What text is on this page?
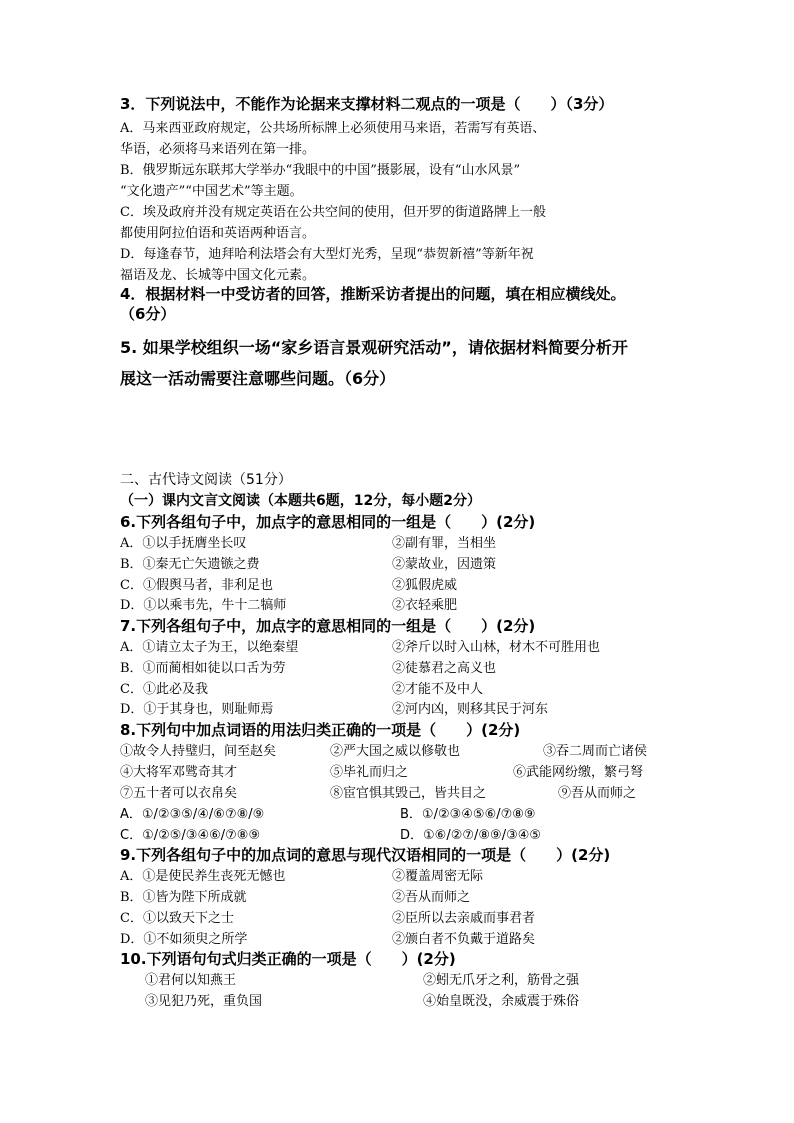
3．下列说法中，不能作为论据来支撑材料二观点的一项是（　　）（3分）
A．马来西亚政府规定，公共场所标牌上必须使用马来语，若需写有英语、
华语，必须将马来语列在第一排。
B．俄罗斯远东联邦大学举办“我眼中的中国”摄影展，设有“山水风景”
“文化遗产”“中国艺术”等主题。
C．埃及政府并没有规定英语在公共空间的使用，但开罗的街道路牌上一般
都使用阿拉伯语和英语两种语言。
D．每逢春节，迪拜哈利法塔会有大型灯光秀，呈现“恭贺新禧”等新年祝
福语及龙、长城等中国文化元素。
4．根据材料一中受访者的回答，推断采访者提出的问题，填在相应横线处。
（6分）
5. 如果学校组织一场“家乡语言景观研究活动”，请依据材料简要分析开
展这一活动需要注意哪些问题。（6分）
二、古代诗文阅读（51分）
（一）课内文言文阅读（本题共6题，12分，每小题2分）
6.下列各组句子中，加点字的意思相同的一组是（　　）(2分)
A．①以手抚膺坐长叹	②副有罪，当相坐
B．①秦无亡矢遗镞之费	②蒙故业，因遗策
C．①假舆马者，非利足也	②狐假虎威
D．①以乘韦先，牛十二犒师	②衣轻乘肥
7.下列各组句子中，加点字的意思相同的一组是（　　）(2分)
A．①请立太子为王，以绝秦望	②斧斤以时入山林，材木不可胜用也
B．①而蔺相如徒以口舌为劳	②徒慕君之高义也
C．①此必及我	②才能不及中人
D．①于其身也，则耻师焉	②河内凶，则移其民于河东
8.下列句中加点词语的用法归类正确的一项是（　　）(2分)
①故令人持璧归，间至赵矣	②严大国之威以修敬也	③吞二周而亡诸侯
④大将军邓骘奇其才	⑤毕礼而归之	⑥武能网纷缴，繁弓弩
⑦五十者可以衣帛矣	⑧宦官惧其毁己，皆共目之	⑨吾从而师之
A．①/②③⑤/④/⑥⑦⑧/⑨	B．①/②③④⑤⑥/⑦⑧⑨
C．①/②⑤/③④⑥/⑦⑧⑨	D．①⑥/②⑦/⑧⑨/③④⑤
9.下列各组句子中的加点词的意思与现代汉语相同的一项是（　　）(2分)
A．①是使民养生丧死无憾也	②覆盖周密无际
B．①皆为陛下所成就	②吾从而师之
C．①以致天下之士	②臣所以去亲戚而事君者
D．①不如须臾之所学	②颁白者不负戴于道路矣
10.下列语句句式归类正确的一项是（　　）(2分)
①君何以知燕王	②蚓无爪牙之利，筋骨之强
③见犯乃死，重负国	④始皇既没，余威震于殊俗
